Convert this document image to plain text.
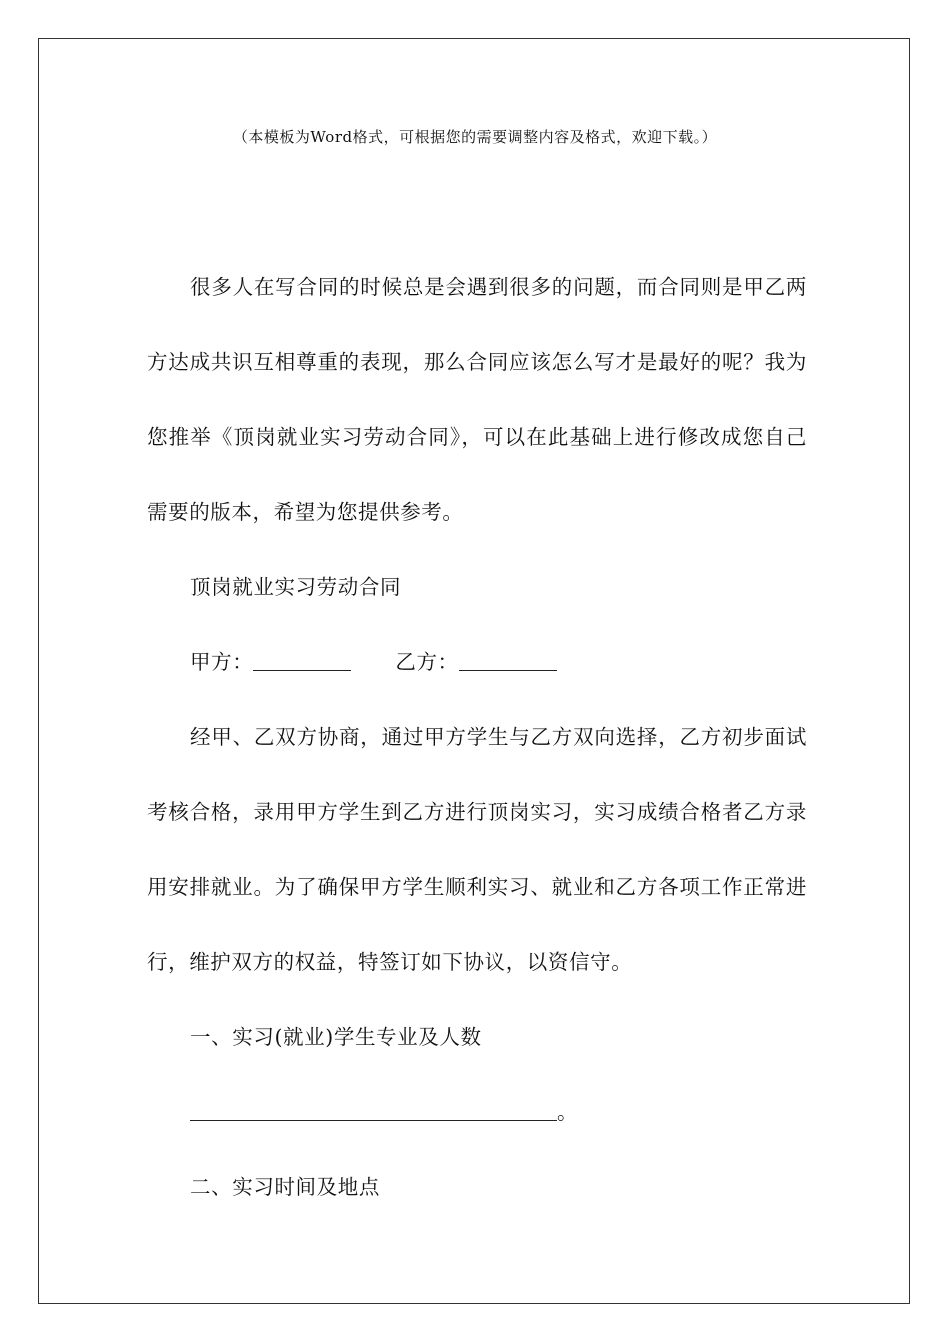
（本模板为Word格式，可根据您的需要调整内容及格式，欢迎下载。）

很多人在写合同的时候总是会遇到很多的问题，而合同则是甲乙两方达成共识互相尊重的表现，那么合同应该怎么写才是最好的呢？我为您推举《顶岗就业实习劳动合同》，可以在此基础上进行修改成您自己需要的版本，希望为您提供参考。

顶岗就业实习劳动合同

甲方：	乙方：

经甲、乙双方协商，通过甲方学生与乙方双向选择，乙方初步面试考核合格，录用甲方学生到乙方进行顶岗实习，实习成绩合格者乙方录用安排就业。为了确保甲方学生顺利实习、就业和乙方各项工作正常进行，维护双方的权益，特签订如下协议，以资信守。

一、实习(就业)学生专业及人数

。

二、实习时间及地点
